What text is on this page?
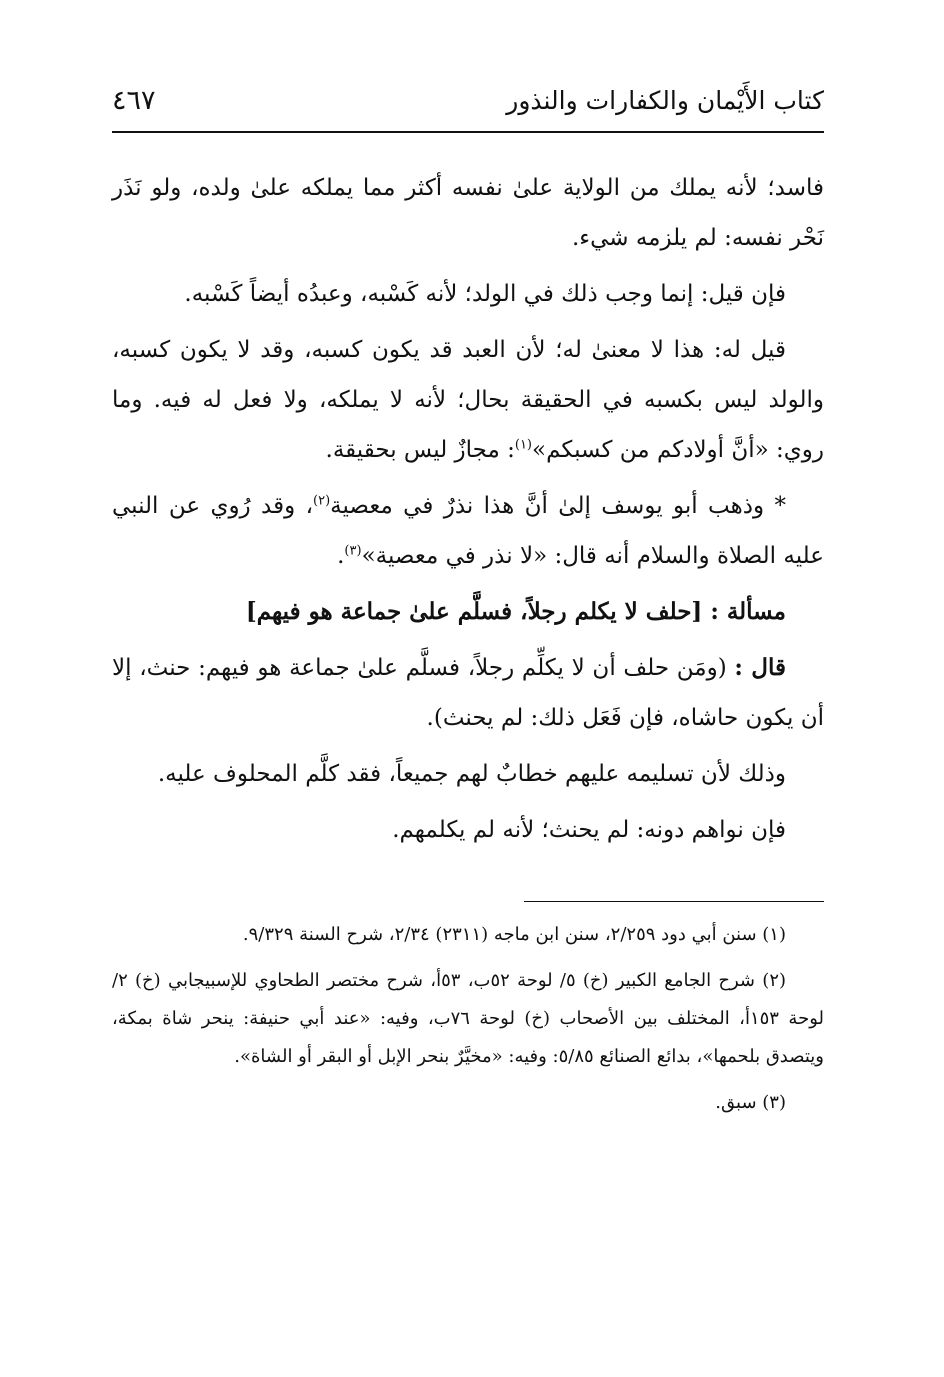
كتاب الأَيْمان والكفارات والنذور
٤٦٧

فاسد؛ لأنه يملك من الولاية علىٰ نفسه أكثر مما يملكه علىٰ ولده، ولو نَذَر نَحْر نفسه: لم يلزمه شيء.

فإن قيل: إنما وجب ذلك في الولد؛ لأنه كَسْبه، وعبدُه أيضاً كَسْبه.

قيل له: هذا لا معنىٰ له؛ لأن العبد قد يكون كسبه، وقد لا يكون كسبه، والولد ليس بكسبه في الحقيقة بحال؛ لأنه لا يملكه، ولا فعل له فيه. وما روي: «أنَّ أولادكم من كسبكم»$^{(١)}$: مجازٌ ليس بحقيقة.

* وذهب أبو يوسف إلىٰ أنَّ هذا نذرٌ في معصية$^{(٢)}$، وقد رُوي عن النبي عليه الصلاة والسلام أنه قال: «لا نذر في معصية»$^{(٣)}$.

مسألة : [حلف لا يكلم رجلاً، فسلَّم علىٰ جماعة هو فيهم]

قال : (ومَن حلف أن لا يكلِّم رجلاً، فسلَّم علىٰ جماعة هو فيهم: حنث، إلا أن يكون حاشاه، فإن فَعَل ذلك: لم يحنث).

وذلك لأن تسليمه عليهم خطابٌ لهم جميعاً، فقد كلَّم المحلوف عليه.

فإن نواهم دونه: لم يحنث؛ لأنه لم يكلمهم.

(١) سنن أبي دود ٢/٢٥٩، سنن ابن ماجه (٢٣١١) ٢/٣٤، شرح السنة ٩/٣٢٩.

(٢) شرح الجامع الكبير (خ) ٥/ لوحة ٥٢ب، ٥٣أ، شرح مختصر الطحاوي للإسبيجابي (خ) ٢/ لوحة ١٥٣أ، المختلف بين الأصحاب (خ) لوحة ٧٦ب، وفيه: «عند أبي حنيفة: ينحر شاة بمكة، ويتصدق بلحمها»، بدائع الصنائع ٥/٨٥: وفيه: «مخيَّرٌ بنحر الإبل أو البقر أو الشاة».

(٣) سبق.
